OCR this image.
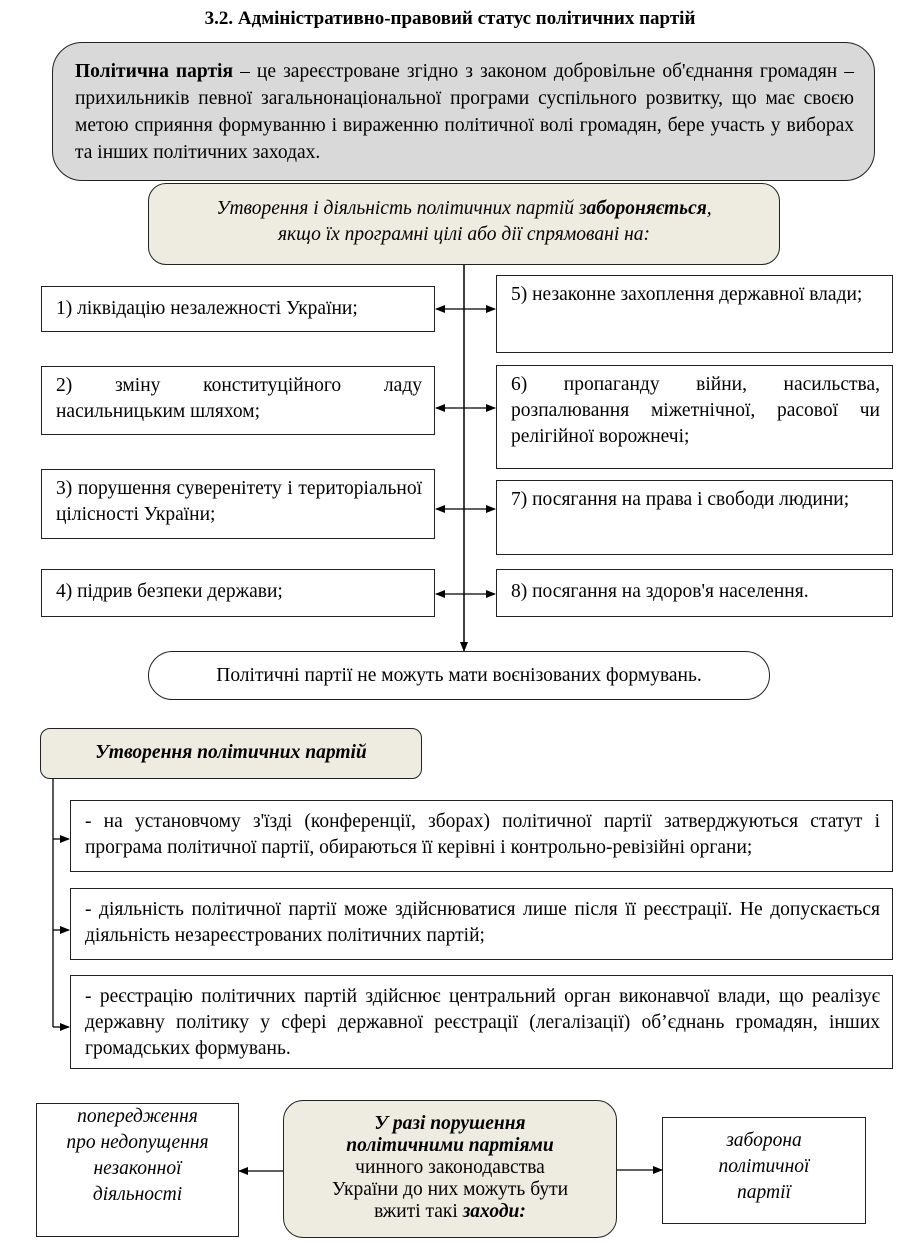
3.2. Адміністративно-правовий статус політичних партій
Політична партія – це зареєстроване згідно з законом добровільне об'єднання громадян – прихильників певної загальнонаціональної програми суспільного розвитку, що має своєю метою сприяння формуванню і вираженню політичної волі громадян, бере участь у виборах та інших політичних заходах.
Утворення і діяльність політичних партій забороняється,
якщо їх програмні цілі або дії спрямовані на:
1) ліквідацію незалежності України;
2) зміну конституційного ладу насильницьким шляхом;
3) порушення суверенітету і територіальної цілісності України;
4) підрив безпеки держави;
5) незаконне захоплення державної влади;
6) пропаганду війни, насильства, розпалювання міжетнічної, расової чи релігійної ворожнечі;
7) посягання на права і свободи людини;
8) посягання на здоров'я населення.
Політичні партії не можуть мати воєнізованих формувань.
Утворення політичних партій
- на установчому з'їзді (конференції, зборах) політичної партії затверджуються статут і програма політичної партії, обираються її керівні і контрольно-ревізійні органи;
- діяльність політичної партії може здійснюватися лише після її реєстрації. Не допускається діяльність незареєстрованих політичних партій;
- реєстрацію політичних партій здійснює центральний орган виконавчої влади, що реалізує державну політику у сфері державної реєстрації (легалізації) об’єднань громадян, інших громадських формувань.
У разі порушення
політичними партіями
чинного законодавства
України до них можуть бути
вжиті такі заходи:
попередження про недопущення незаконної діяльності
заборона політичної партії
